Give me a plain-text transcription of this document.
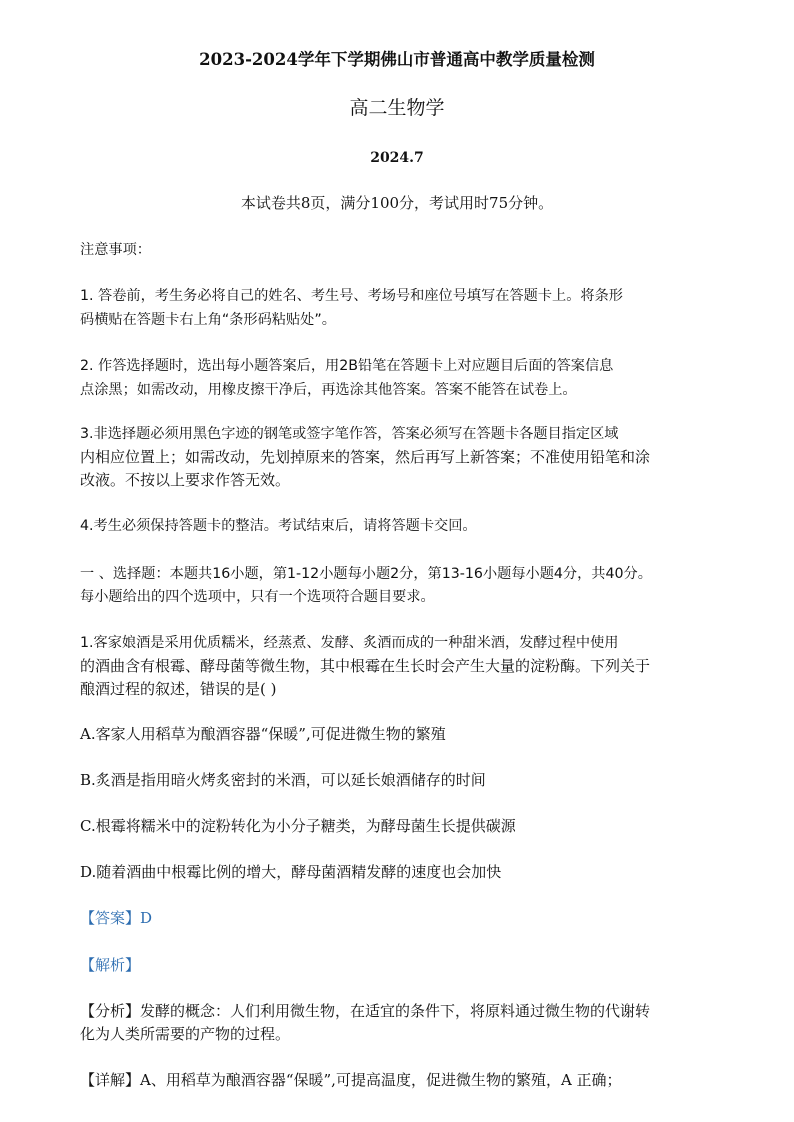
2023-2024学年下学期佛山市普通高中教学质量检测
高二生物学
2024.7
本试卷共8页，满分100分，考试用时75分钟。
注意事项：
1. 答卷前，考生务必将自己的姓名、考生号、考场号和座位号填写在答题卡上。将条形
码横贴在答题卡右上角“条形码粘贴处”。
2. 作答选择题时，选出每小题答案后，用2B铅笔在答题卡上对应题目后面的答案信息
点涂黑；如需改动，用橡皮擦干净后，再选涂其他答案。答案不能答在试卷上。
3.非选择题必须用黑色字迹的钢笔或签字笔作答，答案必须写在答题卡各题目指定区域
内相应位置上；如需改动，先划掉原来的答案，然后再写上新答案；不准使用铅笔和涂
改液。不按以上要求作答无效。
4.考生必须保持答题卡的整洁。考试结束后，请将答题卡交回。
一 、选择题：本题共16小题，第1-12小题每小题2分，第13-16小题每小题4分，共40分。
每小题给出的四个选项中，只有一个选项符合题目要求。
1.客家娘酒是采用优质糯米，经蒸煮、发酵、炙酒而成的一种甜米酒，发酵过程中使用
的酒曲含有根霉、酵母菌等微生物，其中根霉在生长时会产生大量的淀粉酶。下列关于
酿酒过程的叙述，错误的是( )
A.客家人用稻草为酿酒容器“保暖”,可促进微生物的繁殖
B.炙酒是指用暗火烤炙密封的米酒，可以延长娘酒储存的时间
C.根霉将糯米中的淀粉转化为小分子糖类，为酵母菌生长提供碳源
D.随着酒曲中根霉比例的增大，酵母菌酒精发酵的速度也会加快
【答案】D
【解析】
【分析】发酵的概念：人们利用微生物，在适宜的条件下，将原料通过微生物的代谢转
化为人类所需要的产物的过程。
【详解】A、用稻草为酿酒容器“保暖”,可提高温度，促进微生物的繁殖，A 正确；
